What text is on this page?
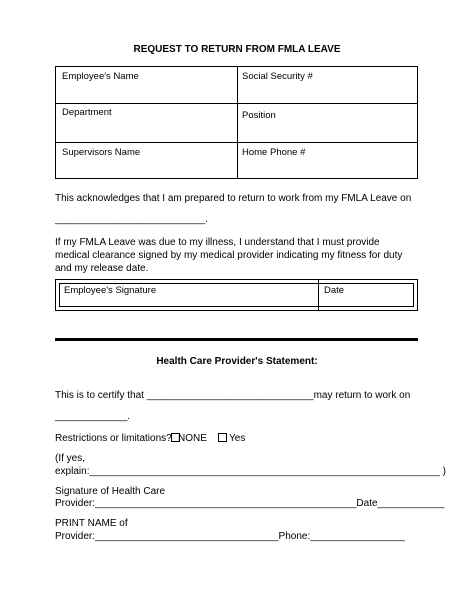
REQUEST TO RETURN FROM FMLA LEAVE
Employee's Name	Social Security #
Department	Position
Supervisors Name	Home Phone #
This acknowledges that I am prepared to return to work from my FMLA Leave on
___________________________.
If my FMLA Leave was due to my illness, I understand that I must provide medical clearance signed by my medical provider indicating my fitness for duty and my release date.
Employee's Signature	Date
Health Care Provider's Statement:
This is to certify that ______________________________may return to work on
_____________.
Restrictions or limitations? NONE Yes
(If yes,
explain:_______________________________________________________________ )
Signature of Health Care
Provider:_______________________________________________Date____________
PRINT NAME of
Provider:_________________________________Phone:_________________
